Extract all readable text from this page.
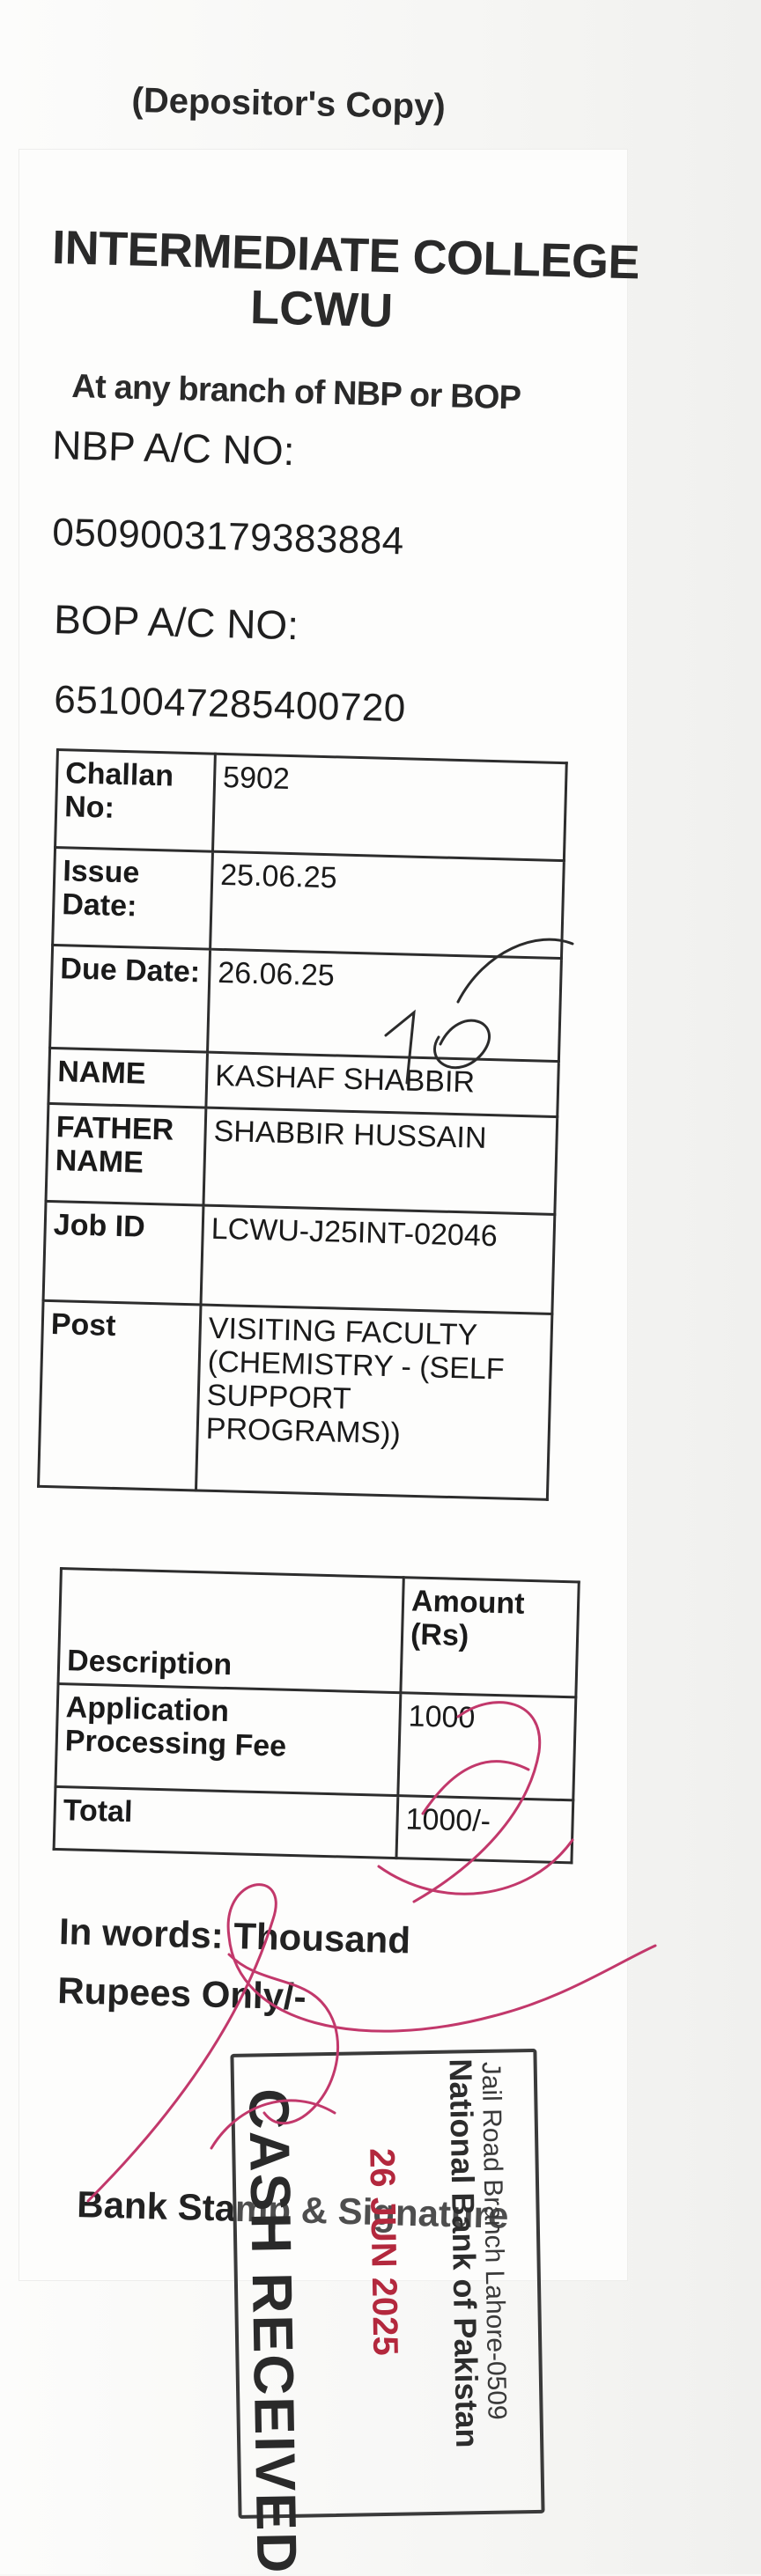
(Depositor's Copy)
INTERMEDIATE COLLEGE
LCWU
At any branch of NBP or BOP
NBP A/C NO:
0509003179383884
BOP A/C NO:
6510047285400720
Challan No:	5902
Issue Date:	25.06.25
Due Date:	26.06.25
NAME	KASHAF SHABBIR
FATHER NAME	SHABBIR HUSSAIN
Job ID	LCWU-J25INT-02046
Post	VISITING FACULTY (CHEMISTRY - (SELF SUPPORT PROGRAMS))
Description	Amount (Rs)
Application Processing Fee	1000
Total	1000/-
In words: Thousand Rupees Only/-
Bank Stamp & Signature
CASH RECEIVED 26 JUN 2025 National Bank of Pakistan
Jail Road Branch Lahore-0509
